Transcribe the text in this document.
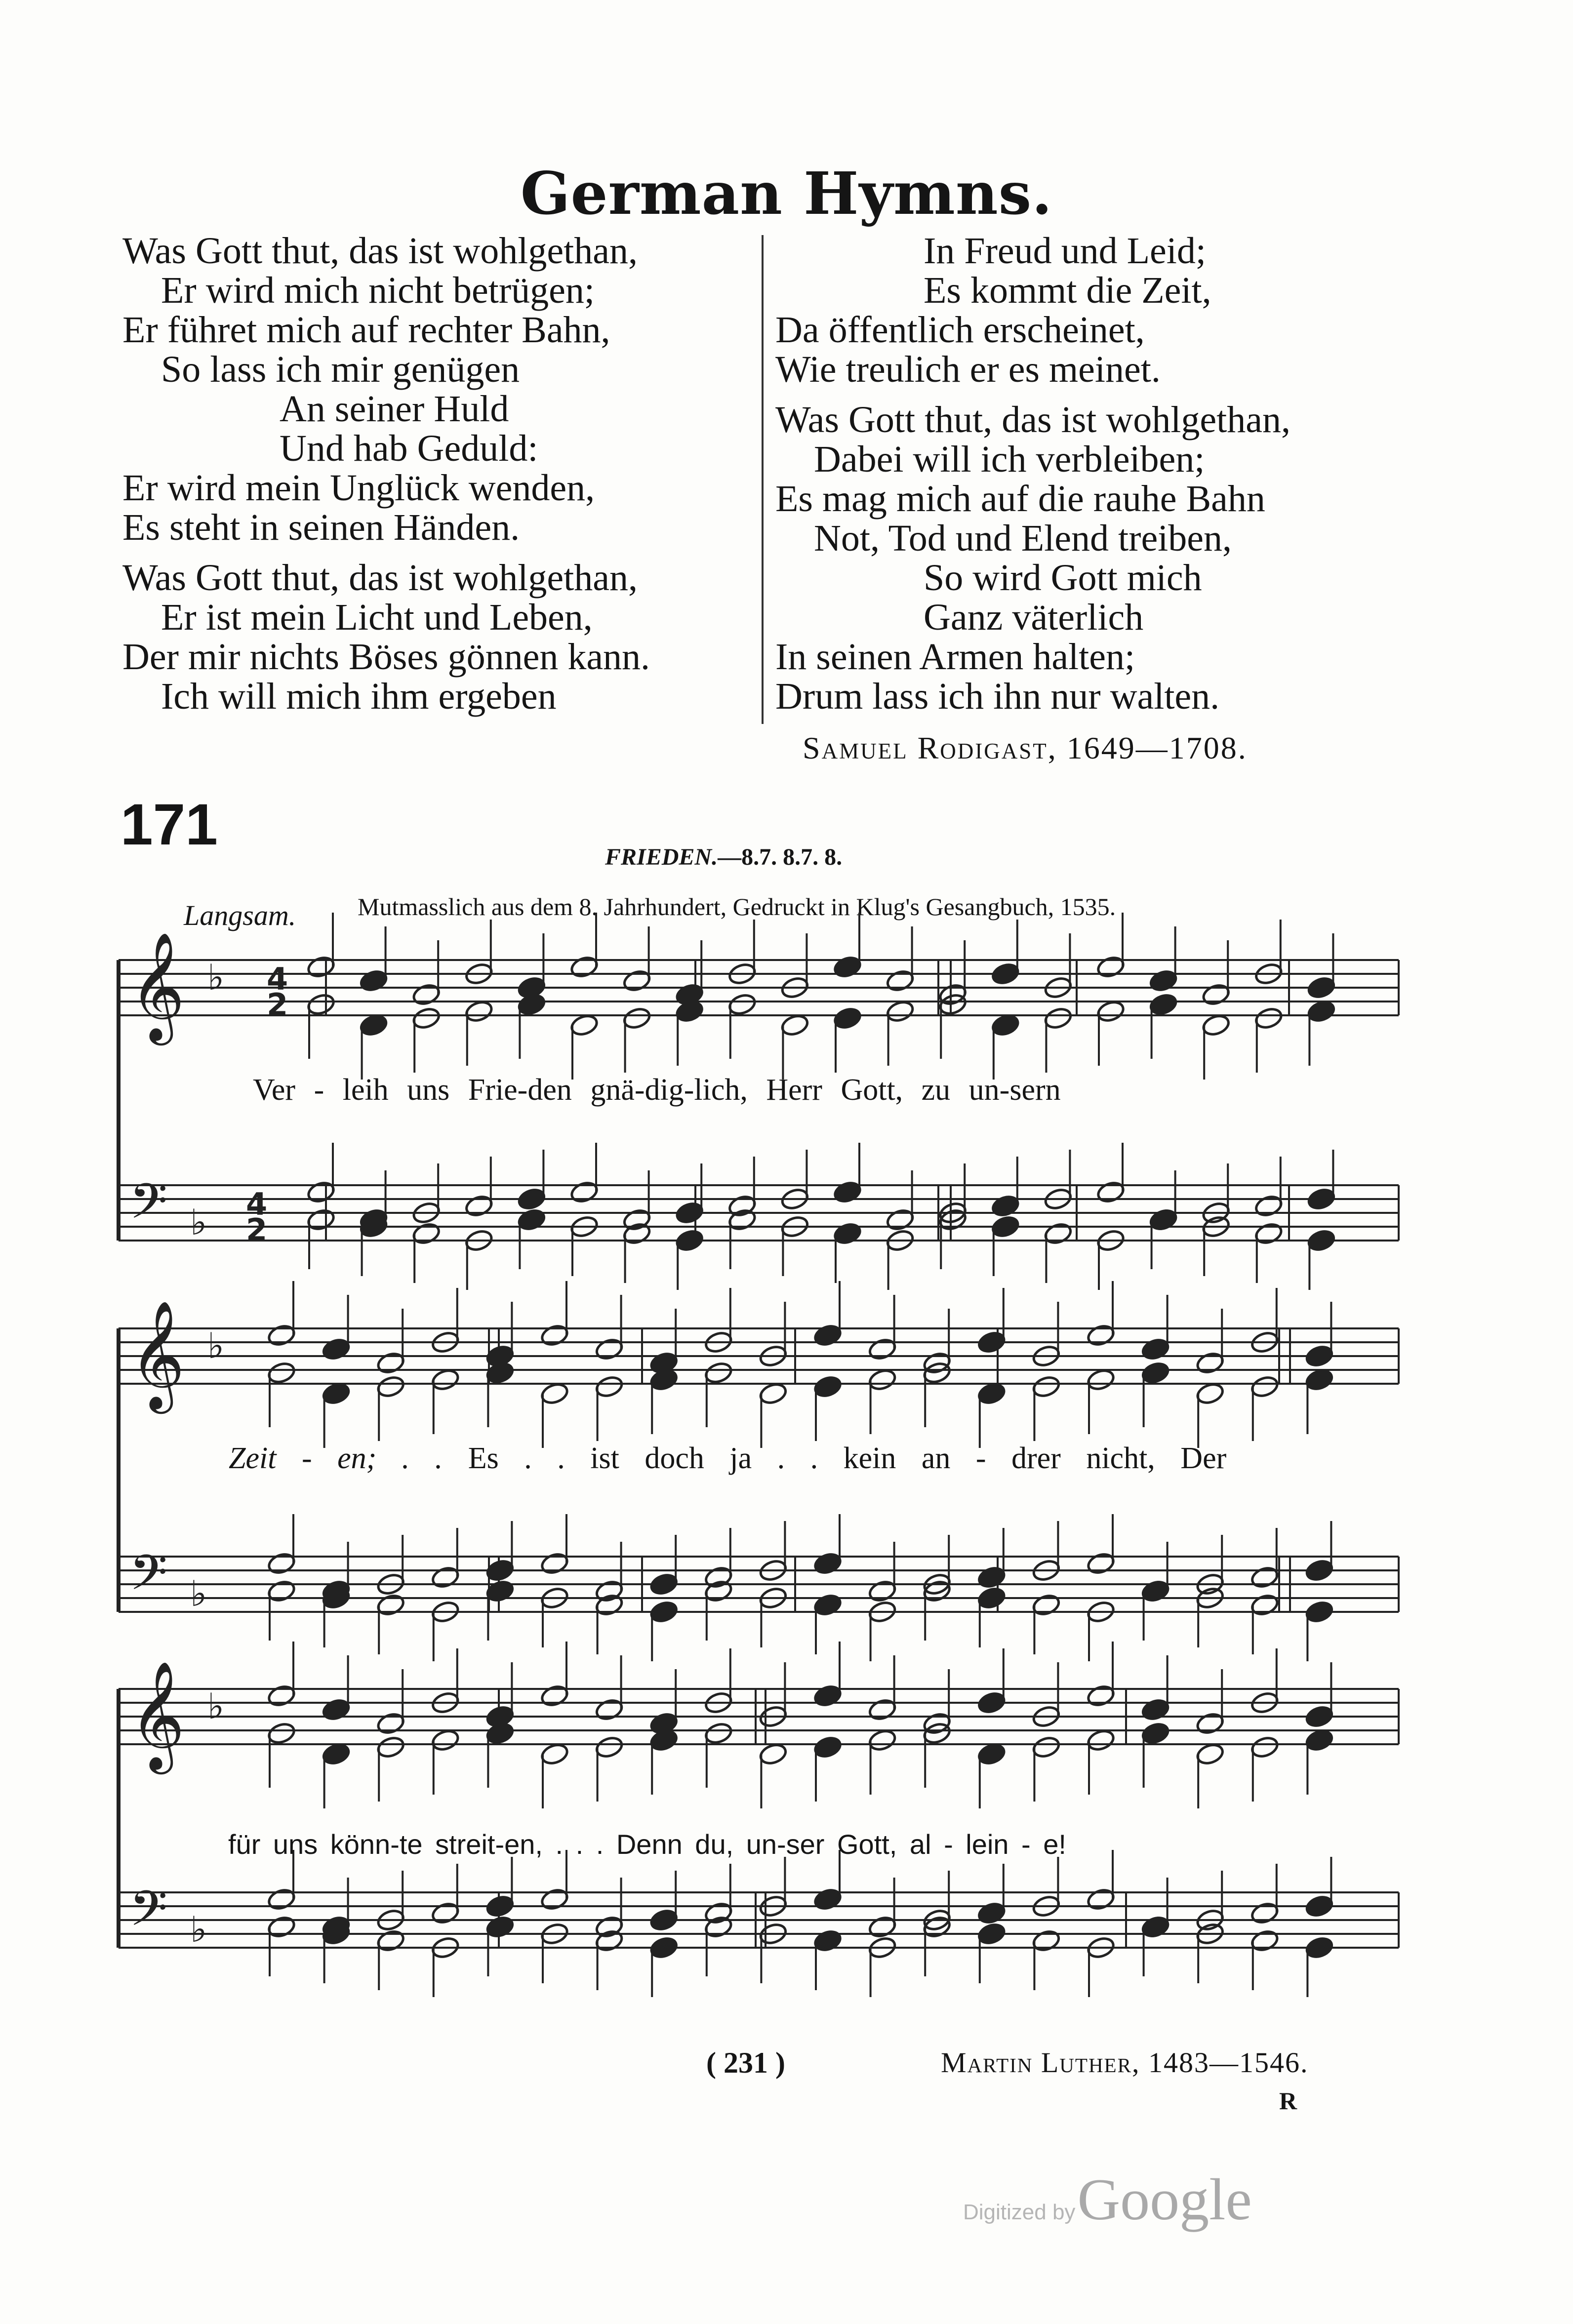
German Hymns.
Was Gott thut, das ist wohlgethan,
Er wird mich nicht betrügen;
Er führet mich auf rechter Bahn,
So lass ich mir genügen
An seiner Huld
Und hab Geduld:
Er wird mein Unglück wenden,
Es steht in seinen Händen.
Was Gott thut, das ist wohlgethan,
Er ist mein Licht und Leben,
Der mir nichts Böses gönnen kann.
Ich will mich ihm ergeben
In Freud und Leid;
Es kommt die Zeit,
Da öffentlich erscheinet,
Wie treulich er es meinet.
Was Gott thut, das ist wohlgethan,
Dabei will ich verbleiben;
Es mag mich auf die rauhe Bahn
Not, Tod und Elend treiben,
So wird Gott mich
Ganz väterlich
In seinen Armen halten;
Drum lass ich ihn nur walten.
Samuel Rodigast, 1649—1708.
171	FRIEDEN.—8.7. 8.7. 8.
Langsam. Mutmasslich aus dem 8. Jahrhundert, Gedruckt in Klug's Gesangbuch, 1535.
𝄞
𝄢
♭
♭
4
2
4
2
𝄞
𝄢
♭
♭
𝄞
𝄢
♭
♭
Ver - leih uns Frie-den gnä-dig-lich, Herr Gott, zu un-sern
Zeit - en; . . Es . . ist doch ja . . kein an - drer nicht, Der
für uns könn-te streit-en, . . . Denn du, un-ser Gott, al - lein - e!
( 231 )	Martin Luther, 1483—1546.
R
Digitized by Google
